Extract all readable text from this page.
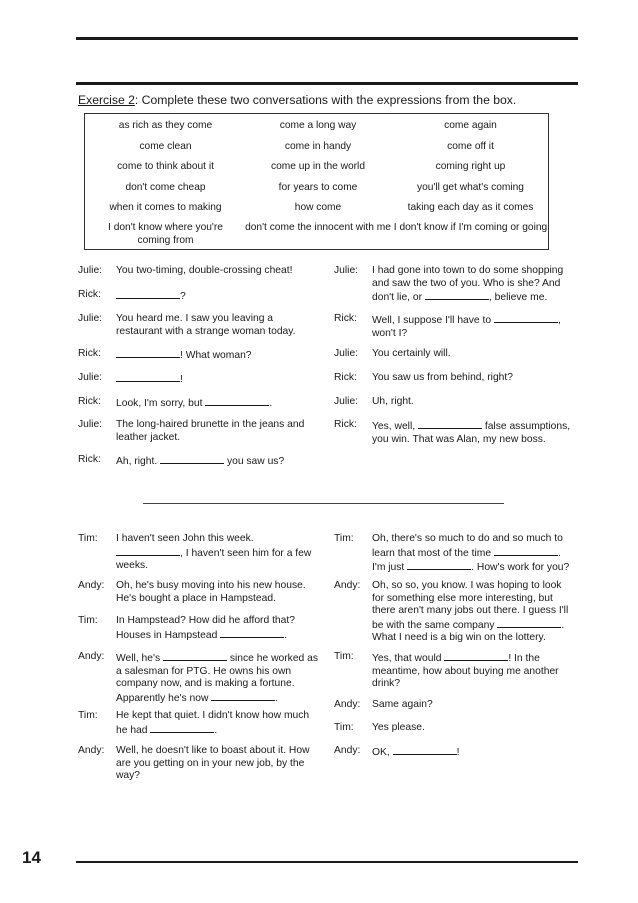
Exercise 2: Complete these two conversations with the expressions from the box.
as rich as they come	come a long way	come again
come clean	come in handy	come off it
come to think about it	come up in the world	coming right up
don't come cheap	for years to come	you'll get what's coming
when it comes to making	how come	taking each day as it comes
I don't know where you're coming from
don't come the innocent with me I don't know if I'm coming or going
Julie: You two-timing, double-crossing cheat!
Rick:	?
Julie: You heard me. I saw you leaving a restaurant with a strange woman today.
Rick:	! What woman?
Julie:	!
Rick: Look, I'm sorry, but	.
Julie: The long-haired brunette in the jeans and leather jacket.
Rick: Ah, right.	you saw us?
Julie: I had gone into town to do some shopping and saw the two of you. Who is she? And don't lie, or	, believe me.
Rick: Well, I suppose I'll have to	, won't I?
Julie: You certainly will.
Rick: You saw us from behind, right?
Julie: Uh, right.
Rick: Yes, well,	false assumptions, you win. That was Alan, my new boss.
Tim: I haven't seen John this week.
, I haven't seen him for a few weeks.
Andy: Oh, he's busy moving into his new house. He's bought a place in Hampstead.
Tim: In Hampstead? How did he afford that? Houses in Hampstead	.
Andy: Well, he's	since he worked as a salesman for PTG. He owns his own company now, and is making a fortune. Apparently he's now	.
Tim: He kept that quiet. I didn't know how much he had	.
Andy: Well, he doesn't like to boast about it. How are you getting on in your new job, by the way?
Tim: Oh, there's so much to do and so much to learn that most of the time	. I'm just	. How's work for you?
Andy: Oh, so so, you know. I was hoping to look for something else more interesting, but there aren't many jobs out there. I guess I'll be with the same company	. What I need is a big win on the lottery.
Tim: Yes, that would	! In the meantime, how about buying me another drink?
Andy: Same again?
Tim: Yes please.
Andy: OK,	!
14
